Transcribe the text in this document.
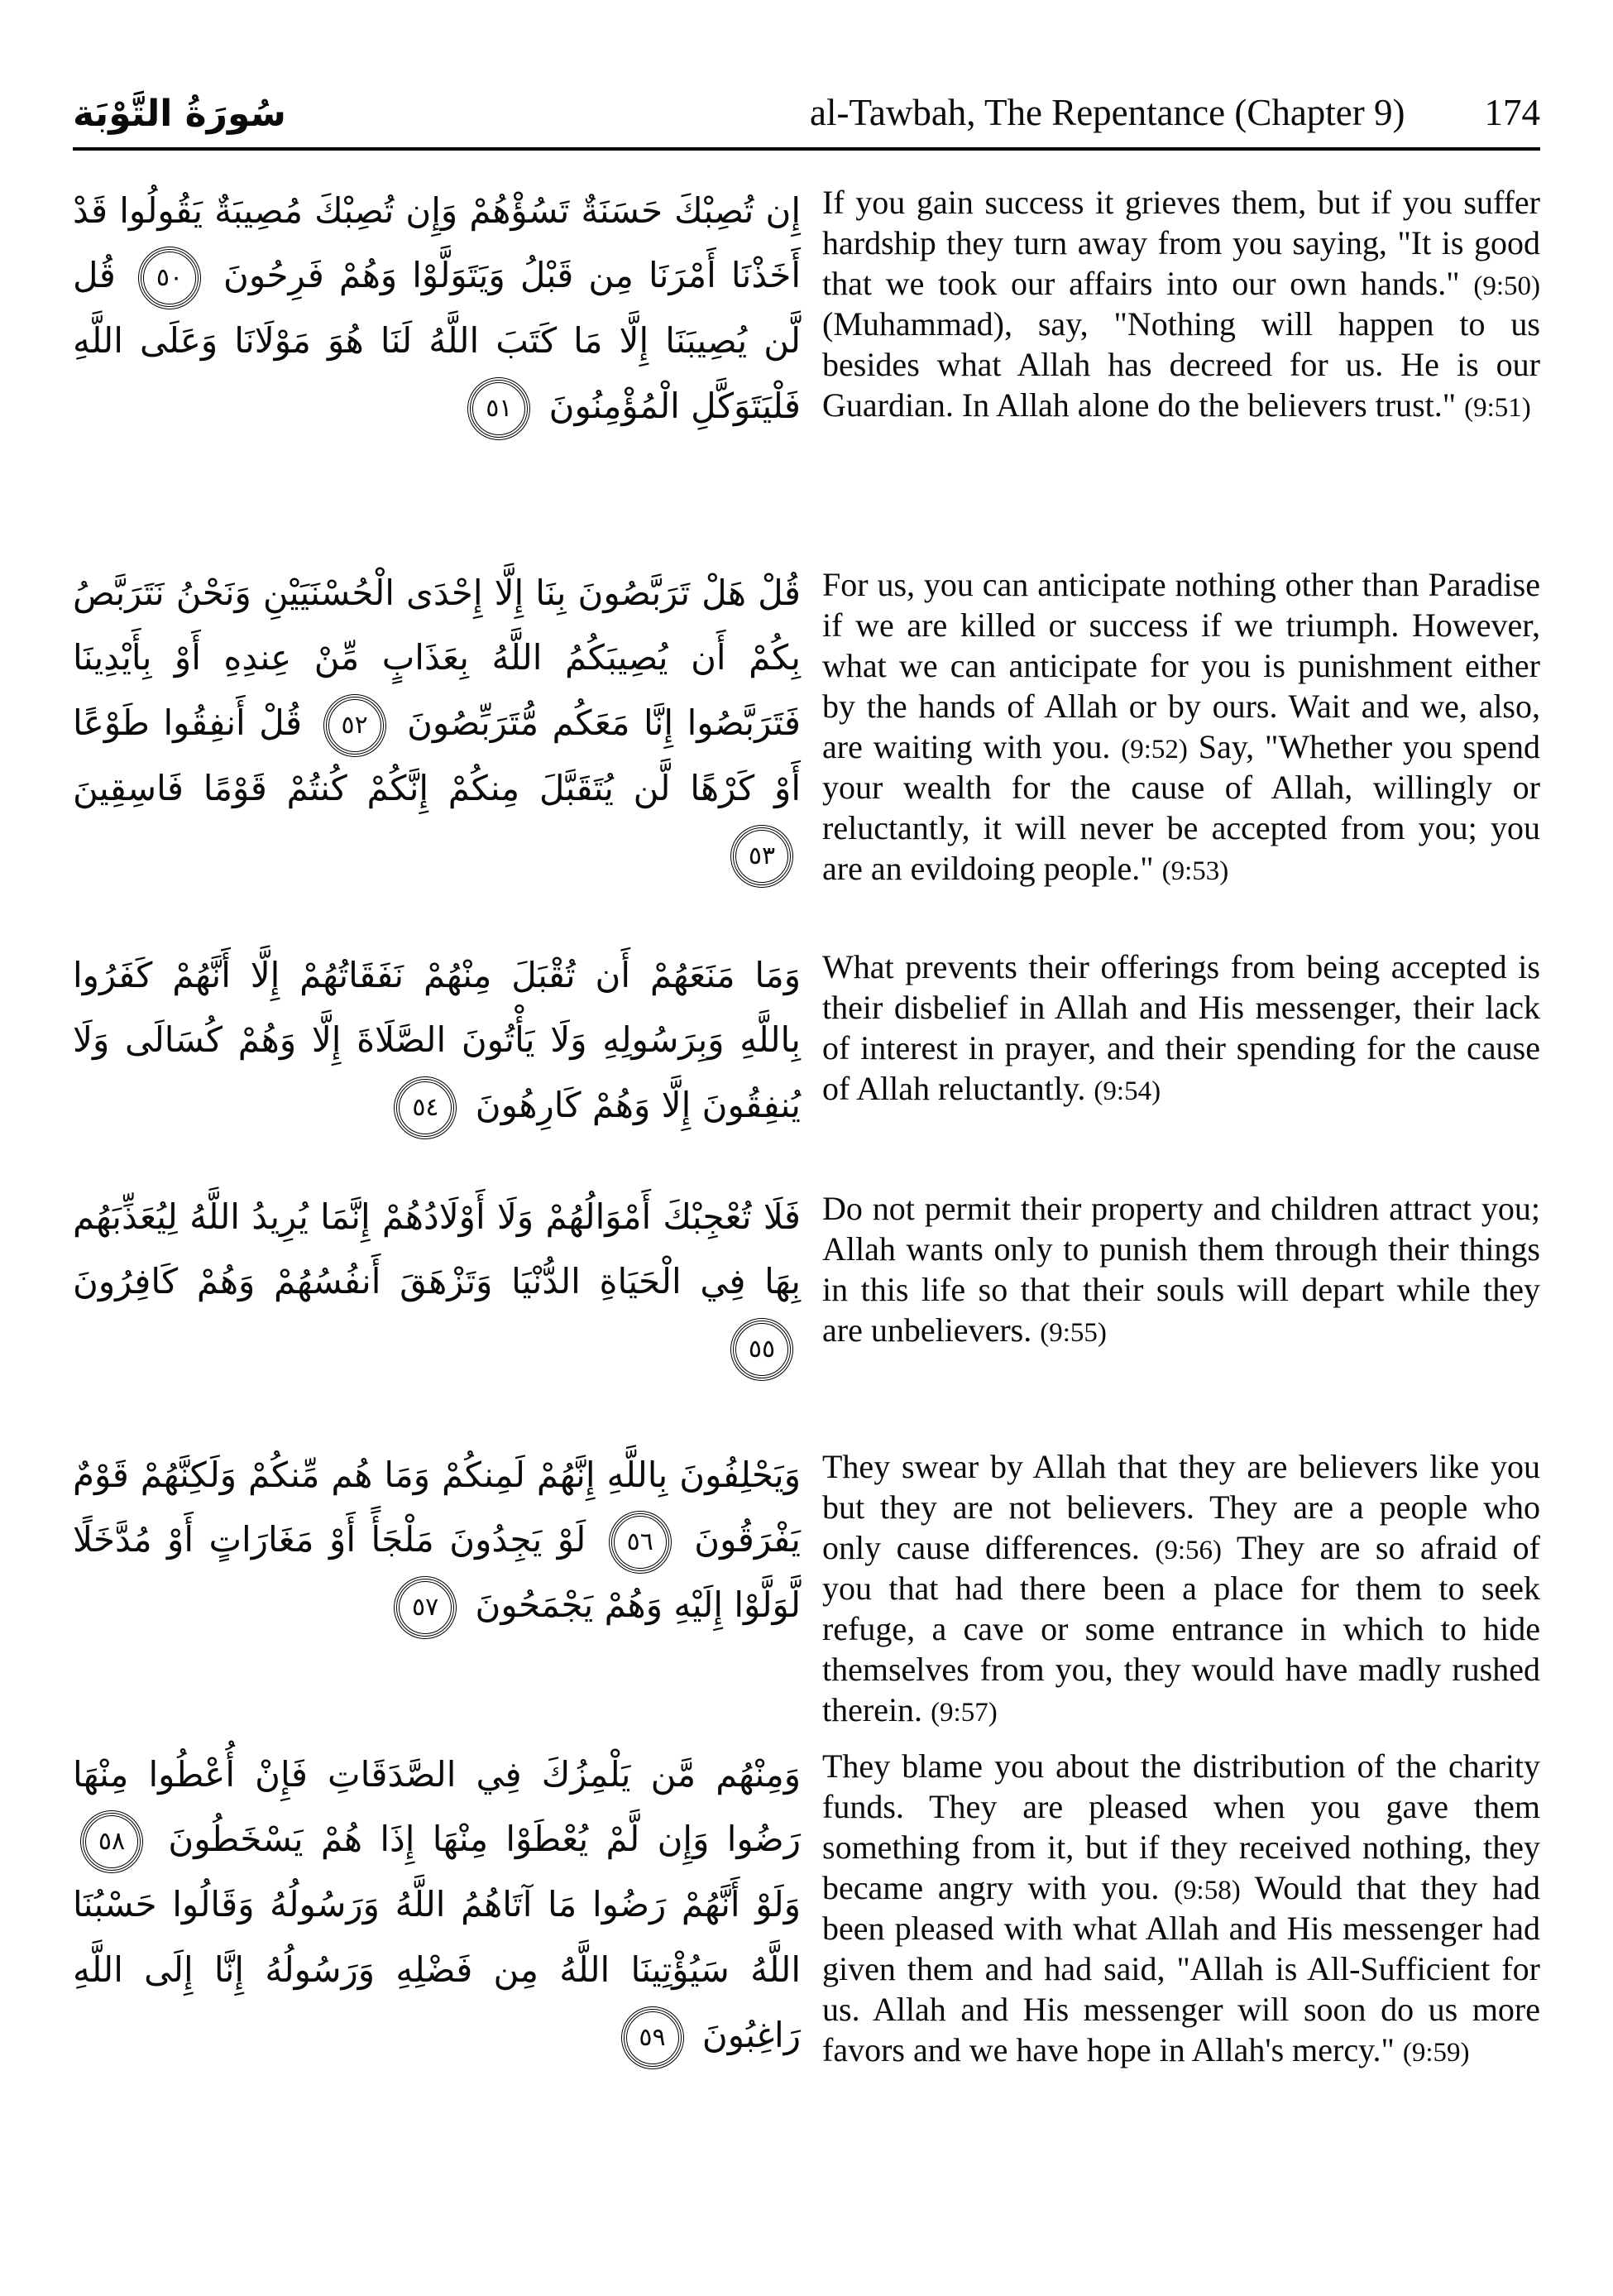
سُورَةُ التَّوْبَة	al-Tawbah, The Repentance (Chapter 9) 174
إِن تُصِبْكَ حَسَنَةٌ تَسُؤْهُمْ وَإِن تُصِبْكَ مُصِيبَةٌ يَقُولُوا قَدْ أَخَذْنَا أَمْرَنَا مِن قَبْلُ وَيَتَوَلَّوْا وَهُمْ فَرِحُونَ
٥٠
قُل لَّن يُصِيبَنَا إِلَّا مَا كَتَبَ اللَّهُ لَنَا هُوَ مَوْلَانَا وَعَلَى اللَّهِ فَلْيَتَوَكَّلِ الْمُؤْمِنُونَ
٥١

If you gain success it grieves them, but if you suffer hardship they turn away from you saying, "It is good that we took our affairs into our own hands." (9:50) (Muhammad), say, "Nothing will happen to us besides what Allah has decreed for us. He is our Guardian. In Allah alone do the believers trust." (9:51)

قُلْ هَلْ تَرَبَّصُونَ بِنَا إِلَّا إِحْدَى الْحُسْنَيَيْنِ وَنَحْنُ نَتَرَبَّصُ بِكُمْ أَن يُصِيبَكُمُ اللَّهُ بِعَذَابٍ مِّنْ عِندِهِ أَوْ بِأَيْدِينَا فَتَرَبَّصُوا إِنَّا مَعَكُم مُّتَرَبِّصُونَ
٥٢
قُلْ أَنفِقُوا طَوْعًا أَوْ كَرْهًا لَّن يُتَقَبَّلَ مِنكُمْ إِنَّكُمْ كُنتُمْ قَوْمًا فَاسِقِينَ
٥٣

For us, you can anticipate nothing other than Paradise if we are killed or success if we triumph. However, what we can anticipate for you is punishment either by the hands of Allah or by ours. Wait and we, also, are waiting with you. (9:52) Say, "Whether you spend your wealth for the cause of Allah, willingly or reluctantly, it will never be accepted from you; you are an evildoing people." (9:53)

وَمَا مَنَعَهُمْ أَن تُقْبَلَ مِنْهُمْ نَفَقَاتُهُمْ إِلَّا أَنَّهُمْ كَفَرُوا بِاللَّهِ وَبِرَسُولِهِ وَلَا يَأْتُونَ الصَّلَاةَ إِلَّا وَهُمْ كُسَالَى وَلَا يُنفِقُونَ إِلَّا وَهُمْ كَارِهُونَ
٥٤

What prevents their offerings from being accepted is their disbelief in Allah and His messenger, their lack of interest in prayer, and their spending for the cause of Allah reluctantly. (9:54)

فَلَا تُعْجِبْكَ أَمْوَالُهُمْ وَلَا أَوْلَادُهُمْ إِنَّمَا يُرِيدُ اللَّهُ لِيُعَذِّبَهُم بِهَا فِي الْحَيَاةِ الدُّنْيَا وَتَزْهَقَ أَنفُسُهُمْ وَهُمْ كَافِرُونَ
٥٥

Do not permit their property and children attract you; Allah wants only to punish them through their things in this life so that their souls will depart while they are unbelievers. (9:55)

وَيَحْلِفُونَ بِاللَّهِ إِنَّهُمْ لَمِنكُمْ وَمَا هُم مِّنكُمْ وَلَكِنَّهُمْ قَوْمٌ يَفْرَقُونَ
٥٦
لَوْ يَجِدُونَ مَلْجَأً أَوْ مَغَارَاتٍ أَوْ مُدَّخَلًا لَّوَلَّوْا إِلَيْهِ وَهُمْ يَجْمَحُونَ
٥٧

They swear by Allah that they are believers like you but they are not believers. They are a people who only cause differences. (9:56) They are so afraid of you that had there been a place for them to seek refuge, a cave or some entrance in which to hide themselves from you, they would have madly rushed therein. (9:57)

وَمِنْهُم مَّن يَلْمِزُكَ فِي الصَّدَقَاتِ فَإِنْ أُعْطُوا مِنْهَا رَضُوا وَإِن لَّمْ يُعْطَوْا مِنْهَا إِذَا هُمْ يَسْخَطُونَ
٥٨
وَلَوْ أَنَّهُمْ رَضُوا مَا آتَاهُمُ اللَّهُ وَرَسُولُهُ وَقَالُوا حَسْبُنَا اللَّهُ سَيُؤْتِينَا اللَّهُ مِن فَضْلِهِ وَرَسُولُهُ إِنَّا إِلَى اللَّهِ رَاغِبُونَ
٥٩

They blame you about the distribution of the charity funds. They are pleased when you gave them something from it, but if they received nothing, they became angry with you. (9:58) Would that they had been pleased with what Allah and His messenger had given them and had said, "Allah is All-Sufficient for us. Allah and His messenger will soon do us more favors and we have hope in Allah's mercy." (9:59)
